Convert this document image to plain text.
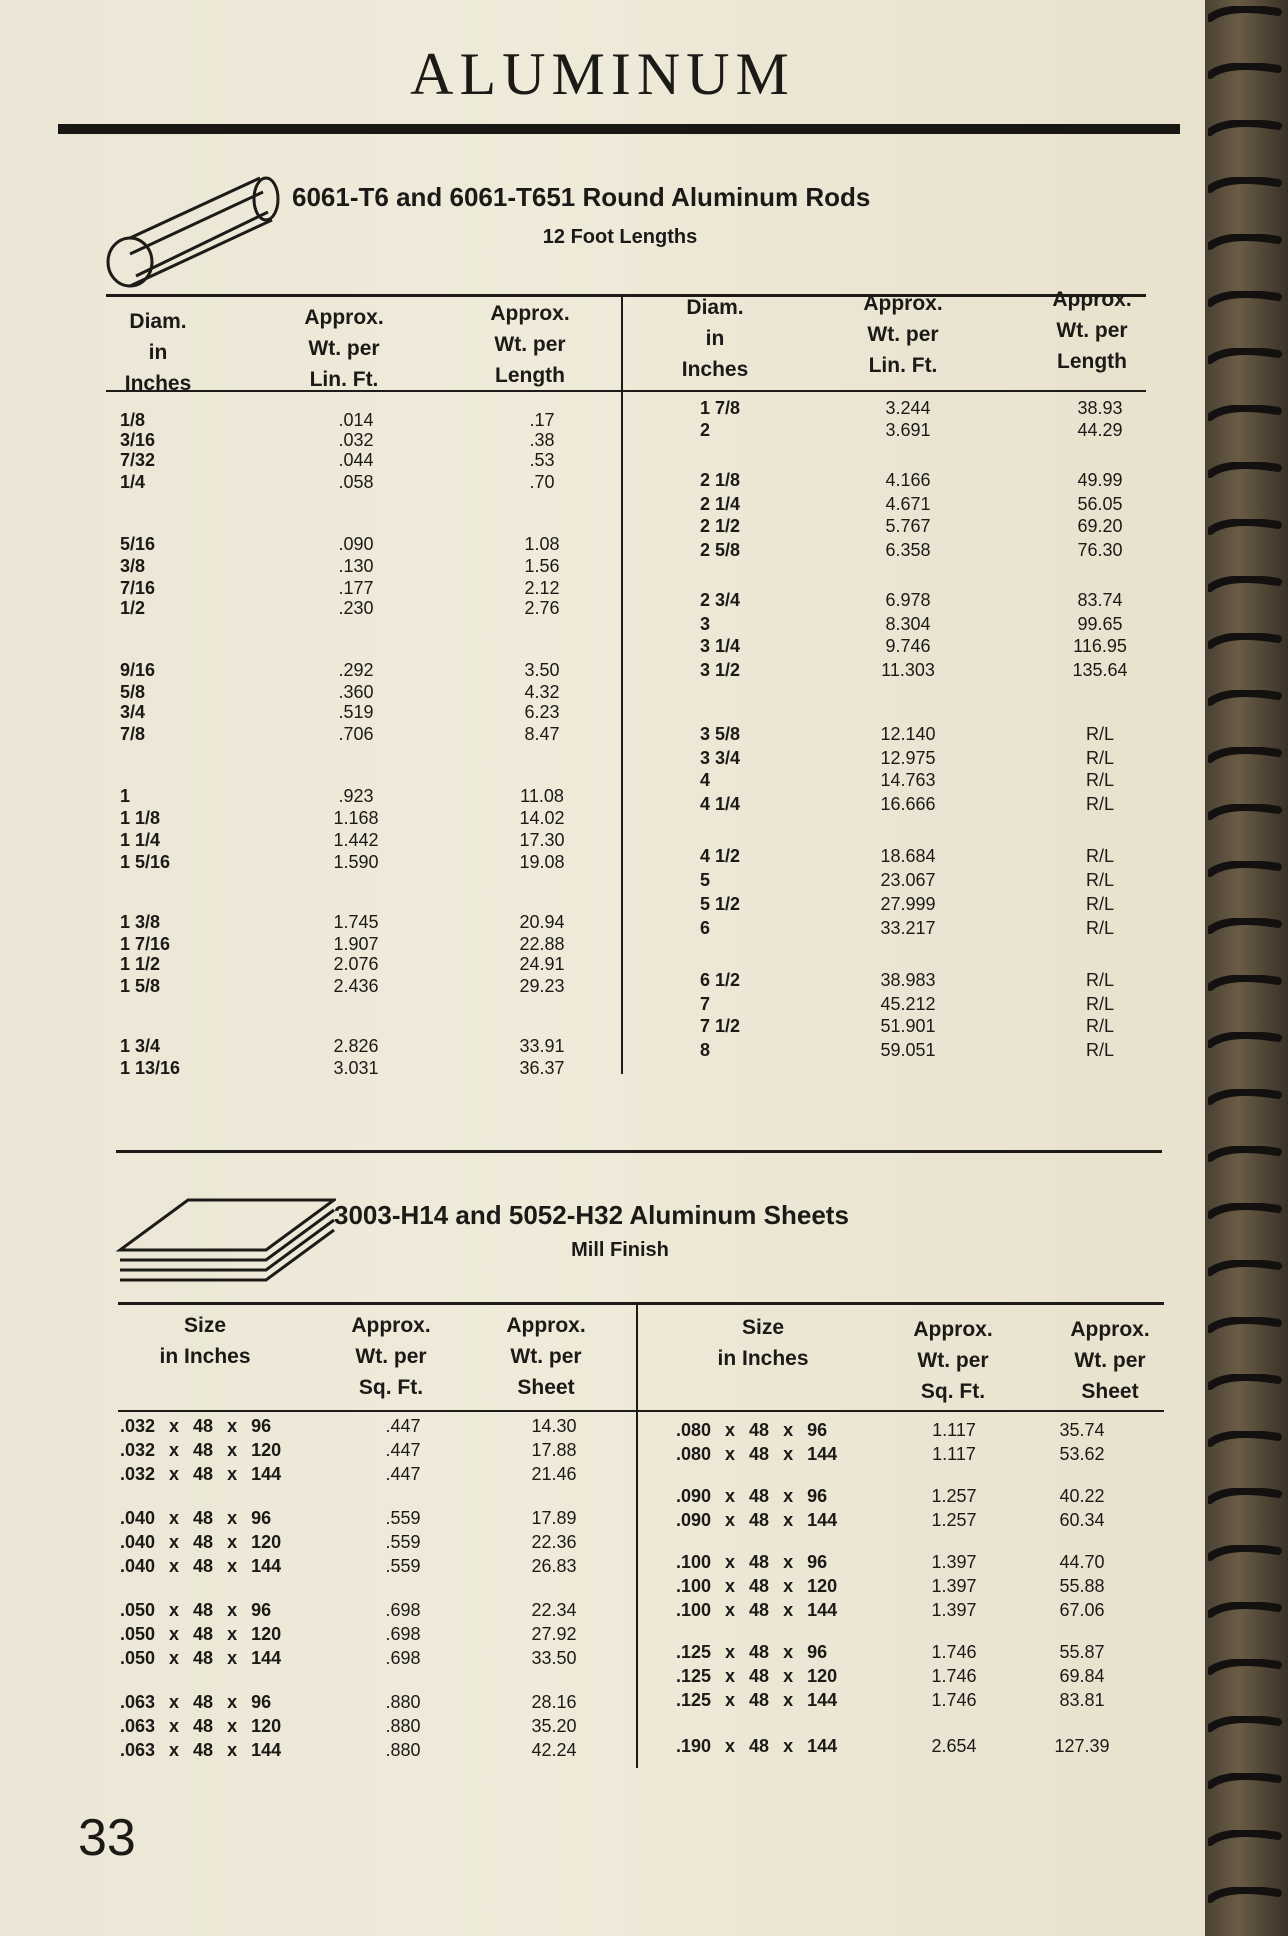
ALUMINUM
6061-T6 and 6061-T651 Round Aluminum Rods
12 Foot Lengths
Diam.
in
Inches
Approx.
Wt. per
Lin. Ft.
Approx.
Wt. per
Length
Diam.
in
Inches
Approx.
Wt. per
Lin. Ft.
Approx.
Wt. per
Length
1/8
3/16
7/32
1/4
5/16
3/8
7/16
1/2
9/16
5/8
3/4
7/8
1
1 1/8
1 1/4
1 5/16
1 3/8
1 7/16
1 1/2
1 5/8
1 3/4
1 13/16
.014
.032
.044
.058
.090
.130
.177
.230
.292
.360
.519
.706
.923
1.168
1.442
1.590
1.745
1.907
2.076
2.436
2.826
3.031
.17
.38
.53
.70
1.08
1.56
2.12
2.76
3.50
4.32
6.23
8.47
11.08
14.02
17.30
19.08
20.94
22.88
24.91
29.23
33.91
36.37
1 7/8
2
2 1/8
2 1/4
2 1/2
2 5/8
2 3/4
3
3 1/4
3 1/2
3 5/8
3 3/4
4
4 1/4
4 1/2
5
5 1/2
6
6 1/2
7
7 1/2
8
3.244
3.691
4.166
4.671
5.767
6.358
6.978
8.304
9.746
11.303
12.140
12.975
14.763
16.666
18.684
23.067
27.999
33.217
38.983
45.212
51.901
59.051
38.93
44.29
49.99
56.05
69.20
76.30
83.74
99.65
116.95
135.64
R/L
R/L
R/L
R/L
R/L
R/L
R/L
R/L
R/L
R/L
R/L
R/L
3003-H14 and 5052-H32 Aluminum Sheets
Mill Finish
Size
in Inches
Approx.
Wt. per
Sq. Ft.
Approx.
Wt. per
Sheet
Size
in Inches
Approx.
Wt. per
Sq. Ft.
Approx.
Wt. per
Sheet
.032 x 48 x 96
.032 x 48 x 120
.032 x 48 x 144
.040 x 48 x 96
.040 x 48 x 120
.040 x 48 x 144
.050 x 48 x 96
.050 x 48 x 120
.050 x 48 x 144
.063 x 48 x 96
.063 x 48 x 120
.063 x 48 x 144
.447
.447
.447
.559
.559
.559
.698
.698
.698
.880
.880
.880
14.30
17.88
21.46
17.89
22.36
26.83
22.34
27.92
33.50
28.16
35.20
42.24
.080 x 48 x 96
.080 x 48 x 144
.090 x 48 x 96
.090 x 48 x 144
.100 x 48 x 96
.100 x 48 x 120
.100 x 48 x 144
.125 x 48 x 96
.125 x 48 x 120
.125 x 48 x 144
.190 x 48 x 144
1.117
1.117
1.257
1.257
1.397
1.397
1.397
1.746
1.746
1.746
2.654
35.74
53.62
40.22
60.34
44.70
55.88
67.06
55.87
69.84
83.81
127.39
33
